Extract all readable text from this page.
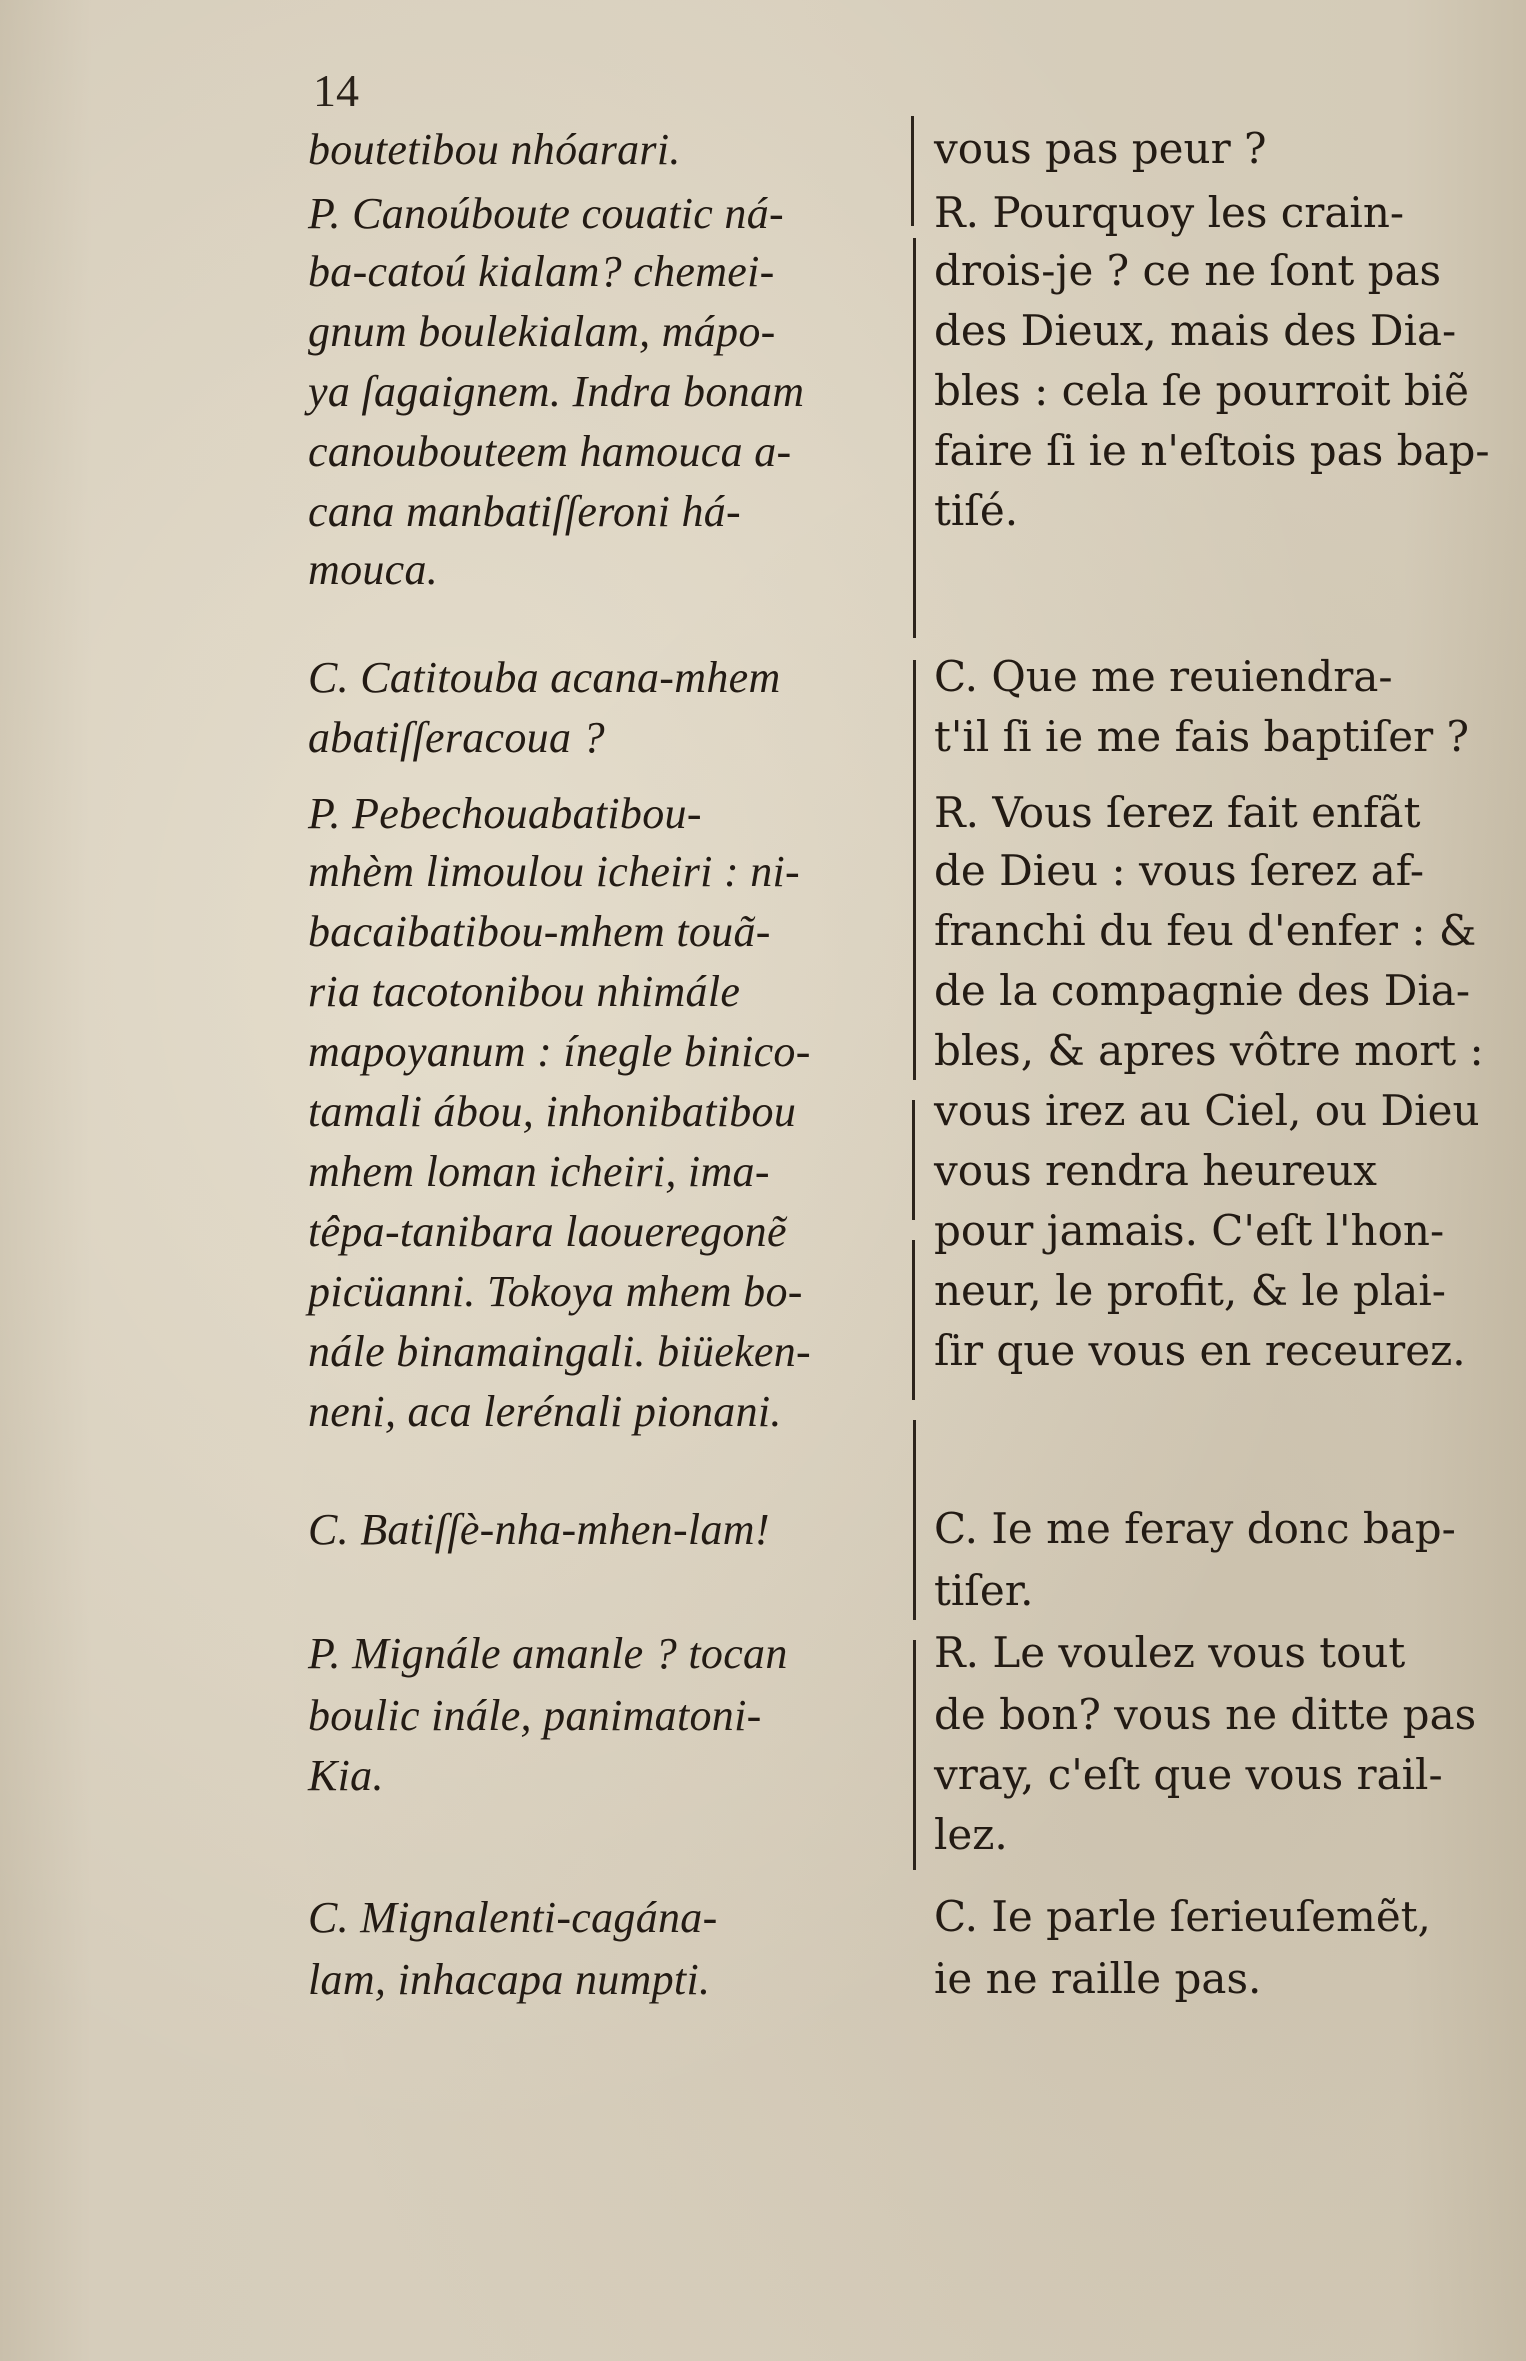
14
boutetibou nhóarari.
P. Canoúboute couatic ná-
ba-catoú kialam? chemei-
gnum boulekialam, mápo-
ya ſagaignem. Indra bonam
canoubouteem hamouca a-
cana manbatiſſeroni há-
mouca.
C. Catitouba acana-mhem
abatiſſeracoua ?
P. Pebechouabatibou-
mhèm limoulou icheiri : ni-
bacaibatibou-mhem touã-
ria tacotonibou nhimále
mapoyanum : ínegle binico-
tamali ábou, inhonibatibou
mhem loman icheiri, ima-
têpa-tanibara laoueregonẽ
picüanni. Tokoya mhem bo-
nále binamaingali. biüeken-
neni, aca lerénali pionani.
C. Batiſſè-nha-mhen-lam!
P. Mignále amanle ? tocan
boulic inále, panimatoni-
Kia.
C. Mignalenti-cagána-
lam, inhacapa numpti.
vous pas peur ?
R. Pourquoy les crain-
drois-je ? ce ne ſont pas
des Dieux, mais des Dia-
bles : cela ſe pourroit biẽ
faire ſi ie n'eſtois pas bap-
tiſé.
C. Que me reuiendra-
t'il ſi ie me fais baptiſer ?
R. Vous ſerez fait enfãt
de Dieu : vous ſerez af-
franchi du feu d'enfer : &
de la compagnie des Dia-
bles, & apres vôtre mort :
vous irez au Ciel, ou Dieu
vous rendra heureux
pour jamais. C'eſt l'hon-
neur, le profit, & le plai-
ſir que vous en receurez.
C. Ie me feray donc bap-
tiſer.
R. Le voulez vous tout
de bon? vous ne ditte pas
vray, c'eſt que vous rail-
lez.
C. Ie parle ſerieuſemẽt,
ie ne raille pas.
